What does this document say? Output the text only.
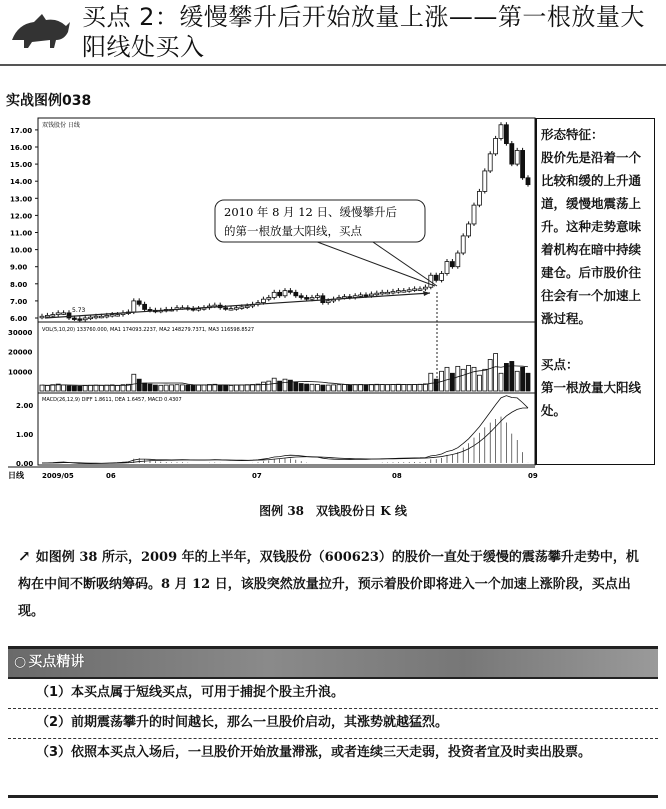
买点 2：缓慢攀升后开始放量上涨——第一根放量大阳线处买入
实战图例038
17.00
16.00
15.00
14.00
13.00
12.00
11.00
10.00
9.00
8.00
7.00
6.00
30000
20000
10000
2.00
1.00
0.00
2009/05	06	07	08	09
2010 年 8 月 12 日、缓慢攀升后
的第一根放量大阳线，买点
双钱股份 日线
VOL(5,10,20) 133760.000, MA1 174093.2237, MA2 148279.7371, MA3 116598.8527
MACD(26,12,9) DIFF 1.8611, DEA 1.6457, MACD 0.4307
日线
5.73

形态特征：

股价先是沿着一个比较和缓的上升通道，缓慢地震荡上升。这种走势意味着机构在暗中持续建仓。后市股价往往会有一个加速上涨过程。

买点：

第一根放量大阳线处。

图例 38　双钱股份日 K 线
↗ 如图例 38 所示，2009 年的上半年，双钱股份（600623）的股价一直处于缓慢的震荡攀升走势中，机构在中间不断吸纳筹码。8 月 12 日，该股突然放量拉升，预示着股价即将进入一个加速上涨阶段，买点出现。
○ 买点精讲
（1）本买点属于短线买点，可用于捕捉个股主升浪。
（2）前期震荡攀升的时间越长，那么一旦股价启动，其涨势就越猛烈。
（3）依照本买点入场后，一旦股价开始放量滞涨，或者连续三天走弱，投资者宜及时卖出股票。
